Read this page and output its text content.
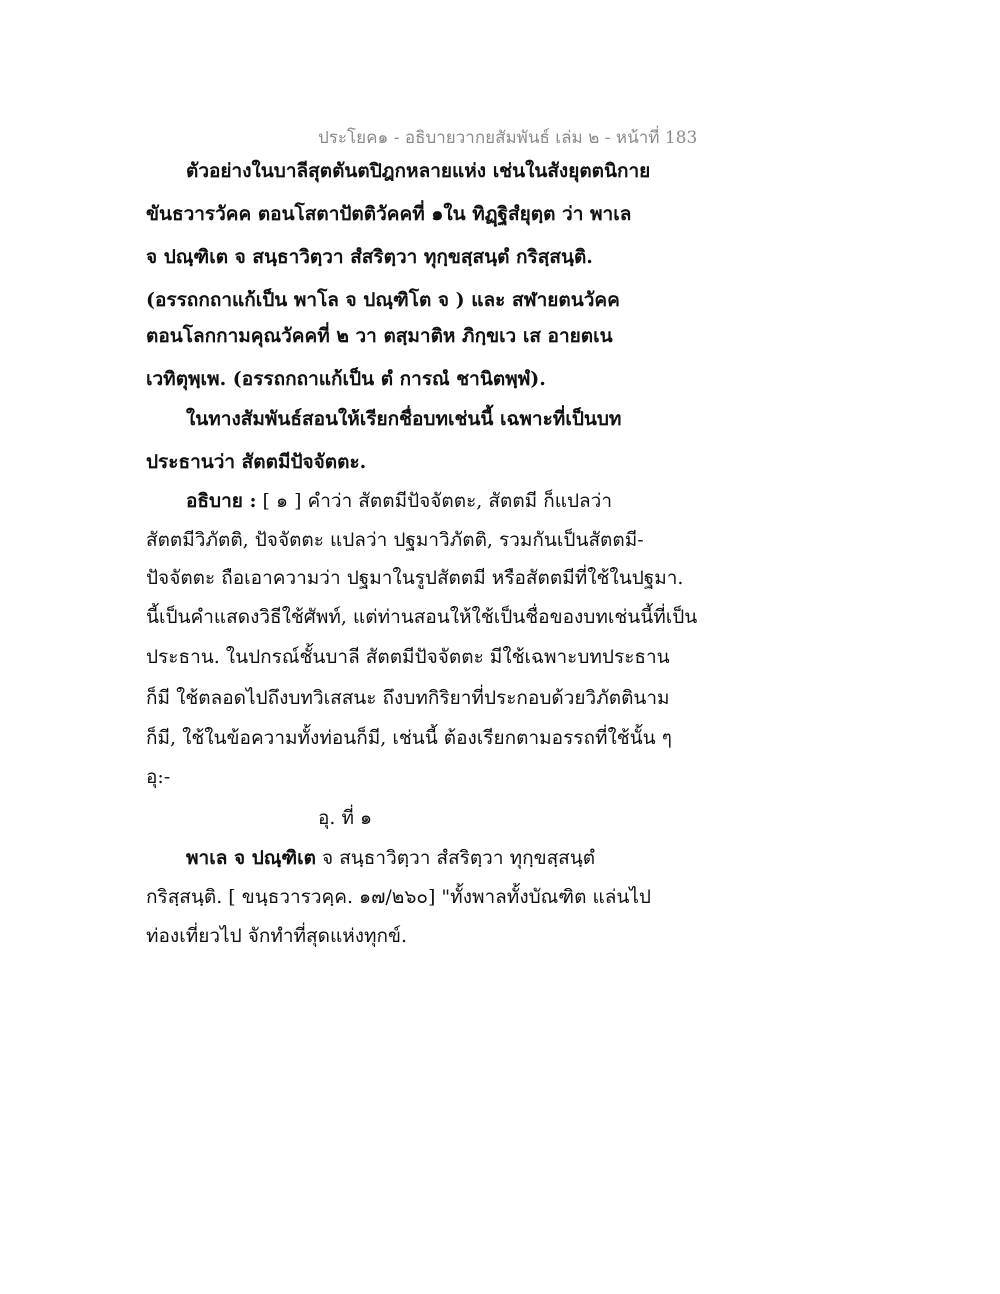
ประโยค๑ - อธิบายวากยสัมพันธ์ เล่ม ๒ - หน้าที่ 183
ตัวอย่างในบาลีสุตตันตปิฎกหลายแห่ง เช่นในสังยุตตนิกาย
ขันธวารวัคค ตอนโสตาปัตติวัคคที่ ๑ใน ทิฏฺฐิสํยุตฺต ว่า พาเล
จ ปณฺฑิเต จ สนฺธาวิตฺวา สํสริตฺวา ทุกฺขสฺสนฺตํ กริสฺสนฺติ.
(อรรถกถาแก้เป็น พาโล จ ปณฺฑิโต จ ) และ สฬายตนวัคค
ตอนโลกกามคุณวัคคที่ ๒ วา ตสฺมาติห ภิกฺขเว เส อายตเน
เวทิตุพฺเพ. (อรรถกถาแก้เป็น ตํ การณํ ชานิตพฺพํ).
ในทางสัมพันธ์สอนให้เรียกชื่อบทเช่นนี้ เฉพาะที่เป็นบท
ประธานว่า สัตตมีปัจจัตตะ.
อธิบาย : [ ๑ ] คำว่า สัตตมีปัจจัตตะ, สัตตมี ก็แปลว่า
สัตตมีวิภัตติ, ปัจจัตตะ แปลว่า ปฐมาวิภัตติ, รวมกันเป็นสัตตมี-
ปัจจัตตะ ถือเอาความว่า ปฐมาในรูปสัตตมี หรือสัตตมีที่ใช้ในปฐมา.
นี้เป็นคำแสดงวิธีใช้ศัพท์, แต่ท่านสอนให้ใช้เป็นชื่อของบทเช่นนี้ที่เป็น
ประธาน. ในปกรณ์ชั้นบาลี สัตตมีปัจจัตตะ มีใช้เฉพาะบทประธาน
ก็มี ใช้ตลอดไปถึงบทวิเสสนะ ถึงบทกิริยาที่ประกอบด้วยวิภัตตินาม
ก็มี, ใช้ในข้อความทั้งท่อนก็มี, เช่นนี้ ต้องเรียกตามอรรถที่ใช้นั้น ๆ
อุ:-
อุ. ที่ ๑
พาเล จ ปณฺฑิเต จ สนฺธาวิตฺวา สํสริตฺวา ทุกฺขสฺสนฺตํ
กริสฺสนฺติ. [ ขนฺธวารวคฺค. ๑๗/๒๖๐] "ทั้งพาลทั้งบัณฑิต แล่นไป
ท่องเที่ยวไป จักทำที่สุดแห่งทุกข์.
